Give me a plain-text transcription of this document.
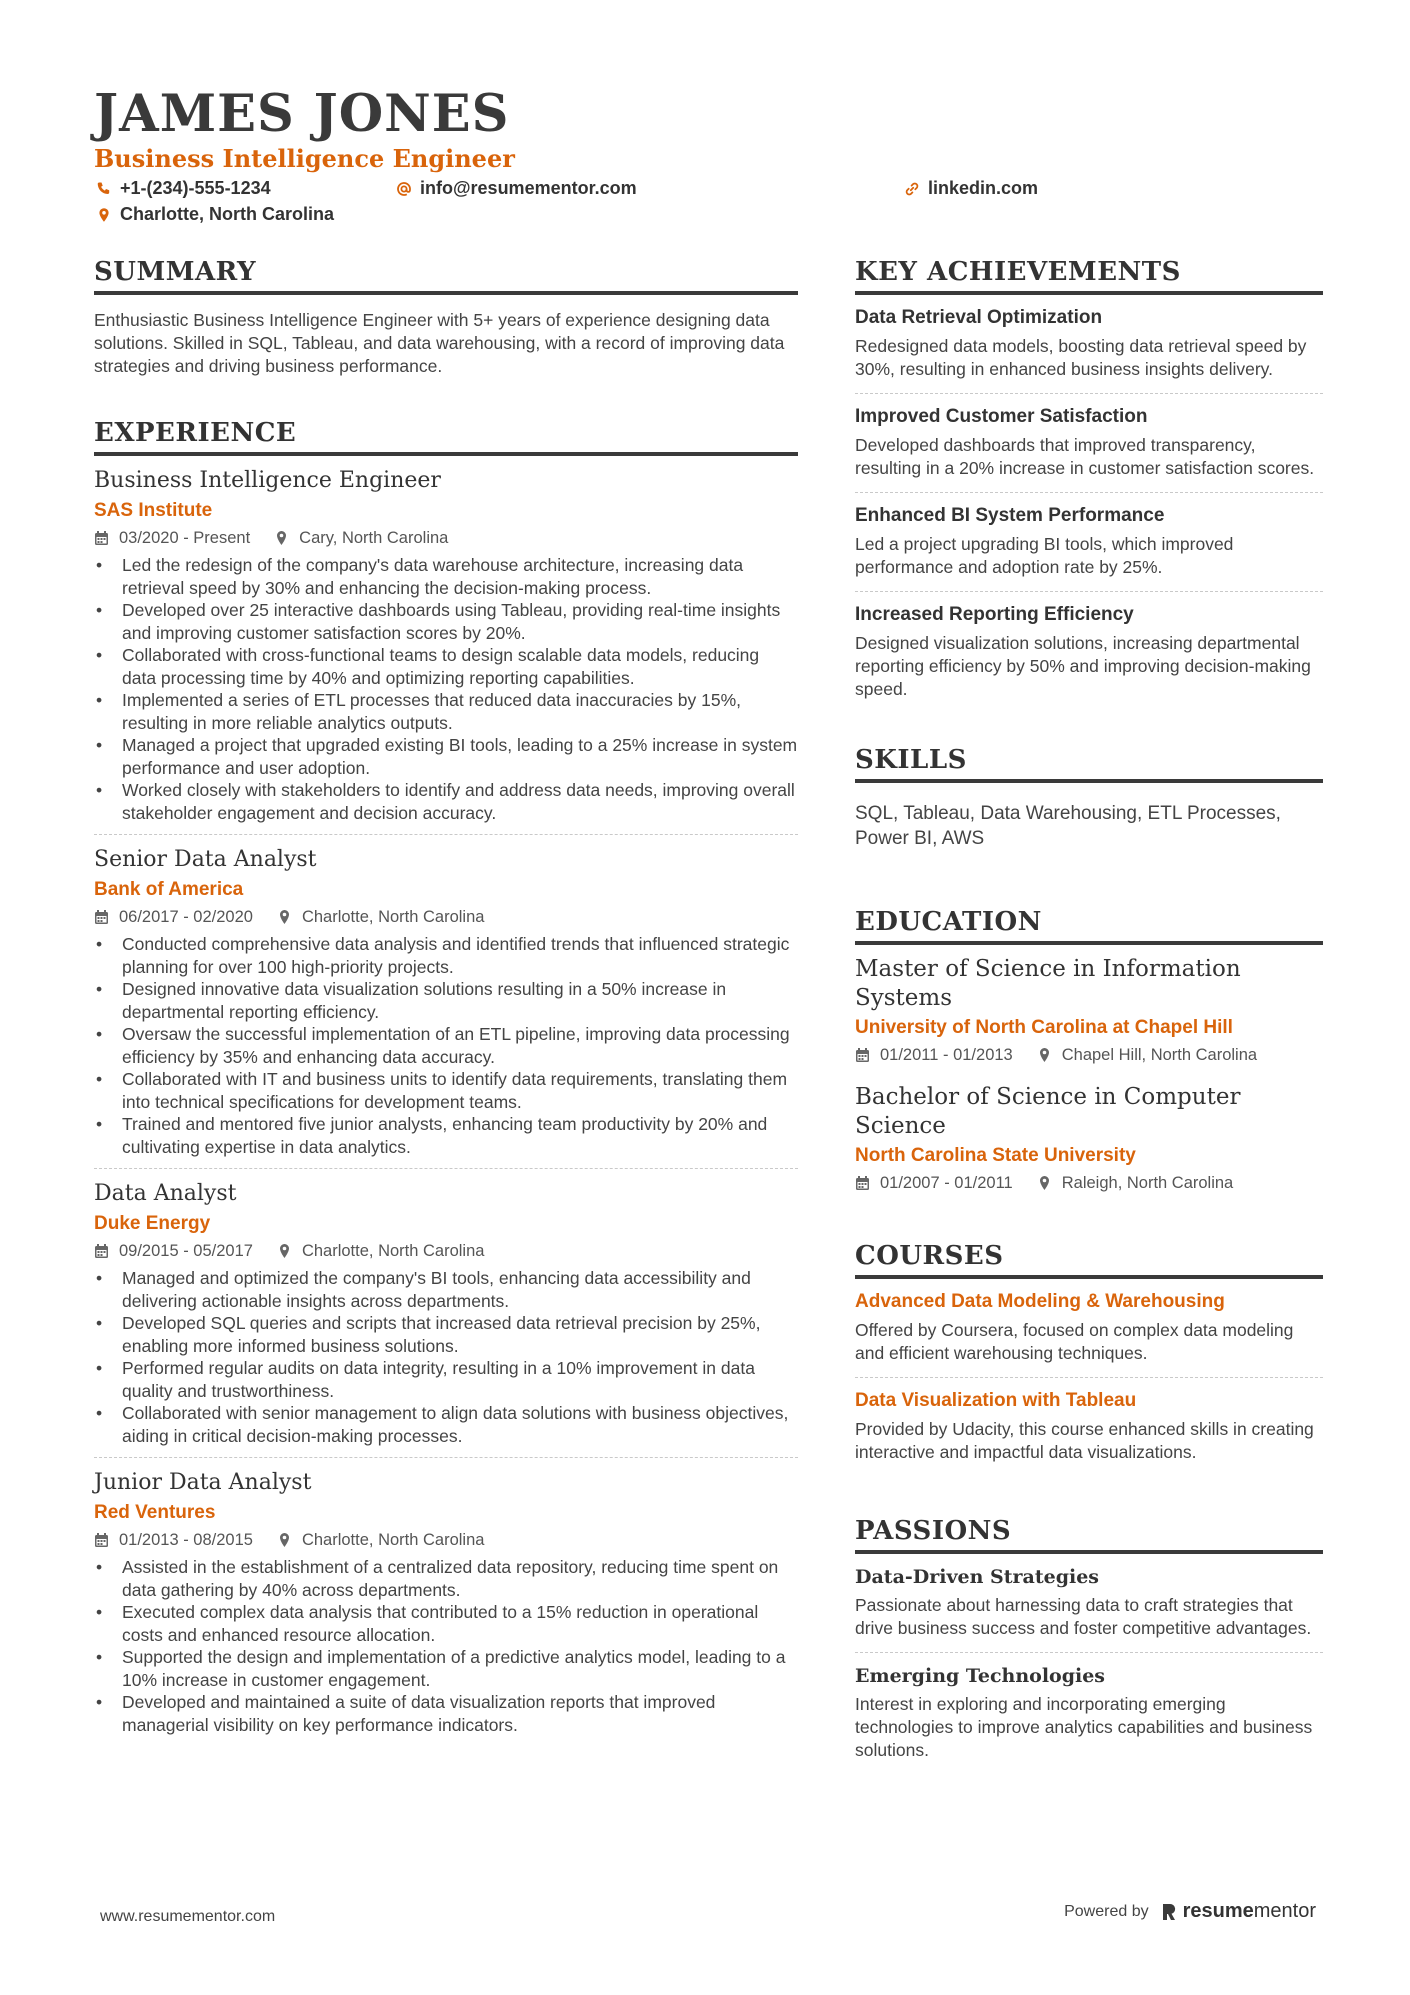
JAMES JONES
Business Intelligence Engineer
+1-(234)-555-1234	info@resumementor.com	linkedin.com
Charlotte, North Carolina
SUMMARY

Enthusiastic Business Intelligence Engineer with 5+ years of experience designing data solutions. Skilled in SQL, Tableau, and data warehousing, with a record of improving data strategies and driving business performance.

EXPERIENCE
Business Intelligence Engineer
SAS Institute
03/2020 - Present	Cary, North Carolina
• Led the redesign of the company's data warehouse architecture, increasing data retrieval speed by 30% and enhancing the decision-making process.
• Developed over 25 interactive dashboards using Tableau, providing real-time insights and improving customer satisfaction scores by 20%.
• Collaborated with cross-functional teams to design scalable data models, reducing data processing time by 40% and optimizing reporting capabilities.
• Implemented a series of ETL processes that reduced data inaccuracies by 15%, resulting in more reliable analytics outputs.
• Managed a project that upgraded existing BI tools, leading to a 25% increase in system performance and user adoption.
• Worked closely with stakeholders to identify and address data needs, improving overall stakeholder engagement and decision accuracy.
Senior Data Analyst
Bank of America
06/2017 - 02/2020	Charlotte, North Carolina
• Conducted comprehensive data analysis and identified trends that influenced strategic planning for over 100 high-priority projects.
• Designed innovative data visualization solutions resulting in a 50% increase in departmental reporting efficiency.
• Oversaw the successful implementation of an ETL pipeline, improving data processing efficiency by 35% and enhancing data accuracy.
• Collaborated with IT and business units to identify data requirements, translating them into technical specifications for development teams.
• Trained and mentored five junior analysts, enhancing team productivity by 20% and cultivating expertise in data analytics.
Data Analyst
Duke Energy
09/2015 - 05/2017	Charlotte, North Carolina
• Managed and optimized the company's BI tools, enhancing data accessibility and delivering actionable insights across departments.
• Developed SQL queries and scripts that increased data retrieval precision by 25%, enabling more informed business solutions.
• Performed regular audits on data integrity, resulting in a 10% improvement in data quality and trustworthiness.
• Collaborated with senior management to align data solutions with business objectives, aiding in critical decision-making processes.
Junior Data Analyst
Red Ventures
01/2013 - 08/2015	Charlotte, North Carolina
• Assisted in the establishment of a centralized data repository, reducing time spent on data gathering by 40% across departments.
• Executed complex data analysis that contributed to a 15% reduction in operational costs and enhanced resource allocation.
• Supported the design and implementation of a predictive analytics model, leading to a 10% increase in customer engagement.
• Developed and maintained a suite of data visualization reports that improved managerial visibility on key performance indicators.
KEY ACHIEVEMENTS
Data Retrieval Optimization
Redesigned data models, boosting data retrieval speed by 30%, resulting in enhanced business insights delivery.
Improved Customer Satisfaction
Developed dashboards that improved transparency, resulting in a 20% increase in customer satisfaction scores.
Enhanced BI System Performance
Led a project upgrading BI tools, which improved performance and adoption rate by 25%.
Increased Reporting Efficiency
Designed visualization solutions, increasing departmental reporting efficiency by 50% and improving decision-making speed.
SKILLS

SQL, Tableau, Data Warehousing, ETL Processes, Power BI, AWS

EDUCATION
Master of Science in Information Systems
University of North Carolina at Chapel Hill
01/2011 - 01/2013	Chapel Hill, North Carolina
Bachelor of Science in Computer Science
North Carolina State University
01/2007 - 01/2011	Raleigh, North Carolina
COURSES
Advanced Data Modeling & Warehousing
Offered by Coursera, focused on complex data modeling and efficient warehousing techniques.
Data Visualization with Tableau
Provided by Udacity, this course enhanced skills in creating interactive and impactful data visualizations.
PASSIONS
Data-Driven Strategies
Passionate about harnessing data to craft strategies that drive business success and foster competitive advantages.
Emerging Technologies
Interest in exploring and incorporating emerging technologies to improve analytics capabilities and business solutions.
www.resumementor.com	Powered by resume mentor
